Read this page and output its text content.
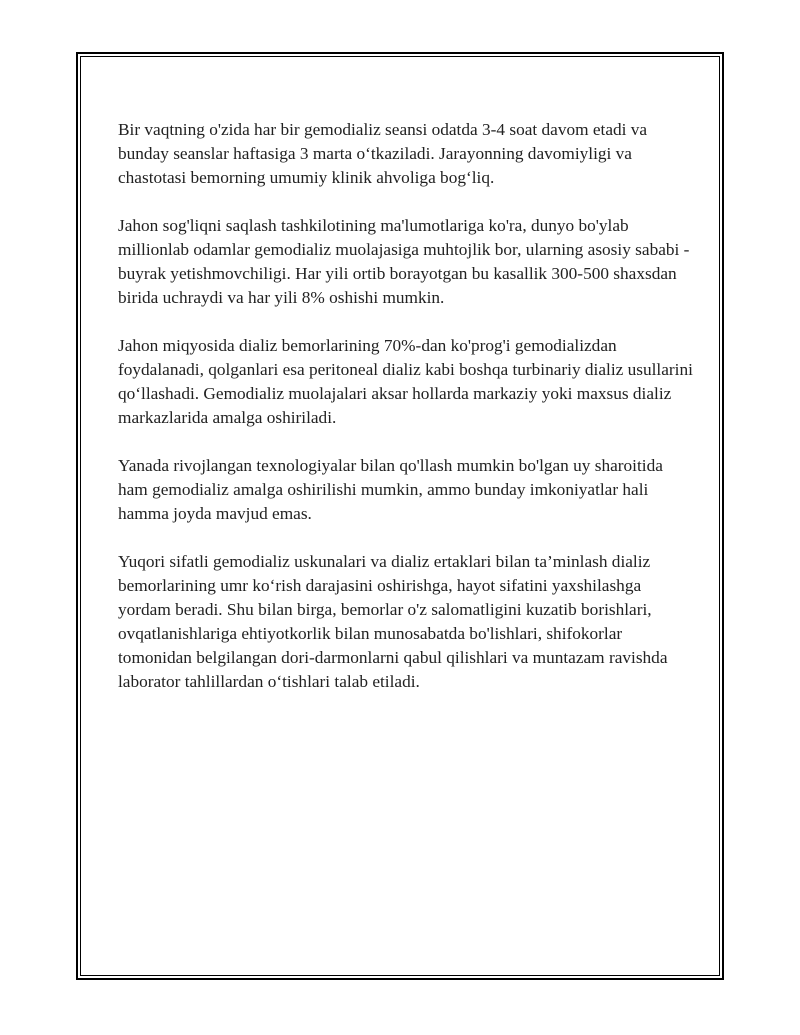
Bir vaqtning o'zida har bir gemodializ seansi odatda 3-4 soat davom etadi va bunday seanslar haftasiga 3 marta o‘tkaziladi. Jarayonning davomiyligi va chastotasi bemorning umumiy klinik ahvoliga bog‘liq.

Jahon sog'liqni saqlash tashkilotining ma'lumotlariga ko'ra, dunyo bo'ylab millionlab odamlar gemodializ muolajasiga muhtojlik bor, ularning asosiy sababi - buyrak yetishmovchiligi. Har yili ortib borayotgan bu kasallik 300-500 shaxsdan birida uchraydi va har yili 8% oshishi mumkin.

Jahon miqyosida dializ bemorlarining 70%-dan ko'prog'i gemodializdan foydalanadi, qolganlari esa peritoneal dializ kabi boshqa turbinariy dializ usullarini qo‘llashadi. Gemodializ muolajalari aksar hollarda markaziy yoki maxsus dializ markazlarida amalga oshiriladi.

Yanada rivojlangan texnologiyalar bilan qo'llash mumkin bo'lgan uy sharoitida ham gemodializ amalga oshirilishi mumkin, ammo bunday imkoniyatlar hali hamma joyda mavjud emas.

Yuqori sifatli gemodializ uskunalari va dializ ertaklari bilan ta’minlash dializ bemorlarining umr ko‘rish darajasini oshirishga, hayot sifatini yaxshilashga yordam beradi. Shu bilan birga, bemorlar o'z salomatligini kuzatib borishlari, ovqatlanishlariga ehtiyotkorlik bilan munosabatda bo'lishlari, shifokorlar tomonidan belgilangan dori-darmonlarni qabul qilishlari va muntazam ravishda laborator tahlillardan o‘tishlari talab etiladi.
